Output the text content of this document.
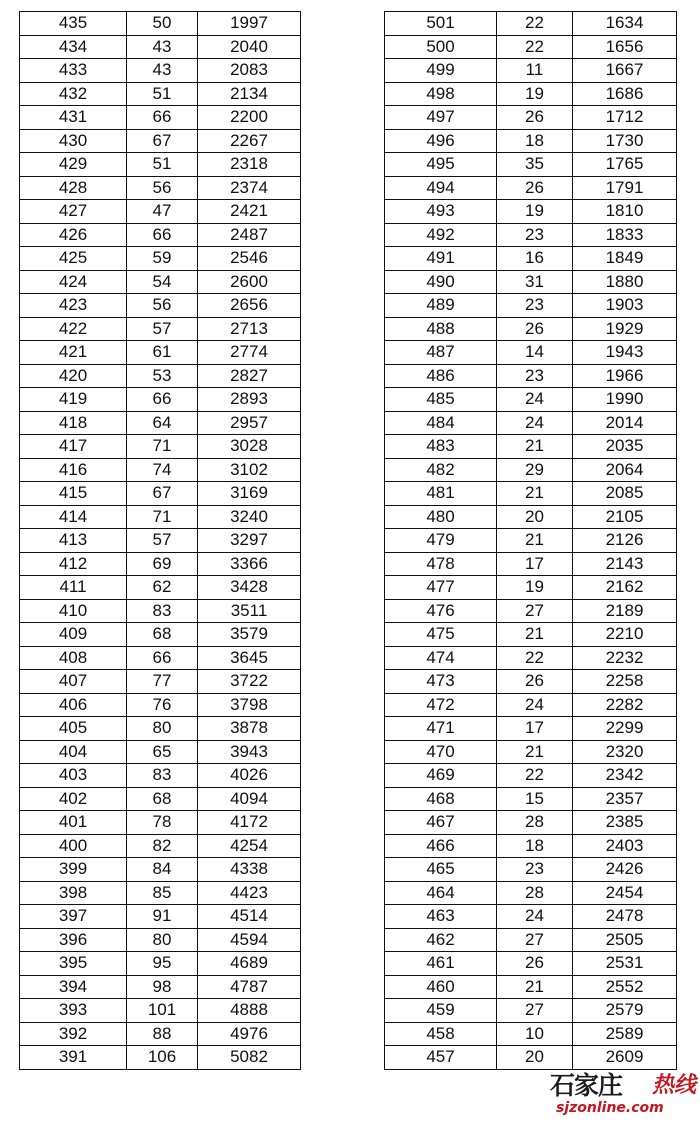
435	50	1997
434	43	2040
433	43	2083
432	51	2134
431	66	2200
430	67	2267
429	51	2318
428	56	2374
427	47	2421
426	66	2487
425	59	2546
424	54	2600
423	56	2656
422	57	2713
421	61	2774
420	53	2827
419	66	2893
418	64	2957
417	71	3028
416	74	3102
415	67	3169
414	71	3240
413	57	3297
412	69	3366
411	62	3428
410	83	3511
409	68	3579
408	66	3645
407	77	3722
406	76	3798
405	80	3878
404	65	3943
403	83	4026
402	68	4094
401	78	4172
400	82	4254
399	84	4338
398	85	4423
397	91	4514
396	80	4594
395	95	4689
394	98	4787
393	101	4888
392	88	4976
391	106	5082
501	22	1634
500	22	1656
499	11	1667
498	19	1686
497	26	1712
496	18	1730
495	35	1765
494	26	1791
493	19	1810
492	23	1833
491	16	1849
490	31	1880
489	23	1903
488	26	1929
487	14	1943
486	23	1966
485	24	1990
484	24	2014
483	21	2035
482	29	2064
481	21	2085
480	20	2105
479	21	2126
478	17	2143
477	19	2162
476	27	2189
475	21	2210
474	22	2232
473	26	2258
472	24	2282
471	17	2299
470	21	2320
469	22	2342
468	15	2357
467	28	2385
466	18	2403
465	23	2426
464	28	2454
463	24	2478
462	27	2505
461	26	2531
460	21	2552
459	27	2579
458	10	2589
457	20	2609
石家庄 热线
sjzonline.com
